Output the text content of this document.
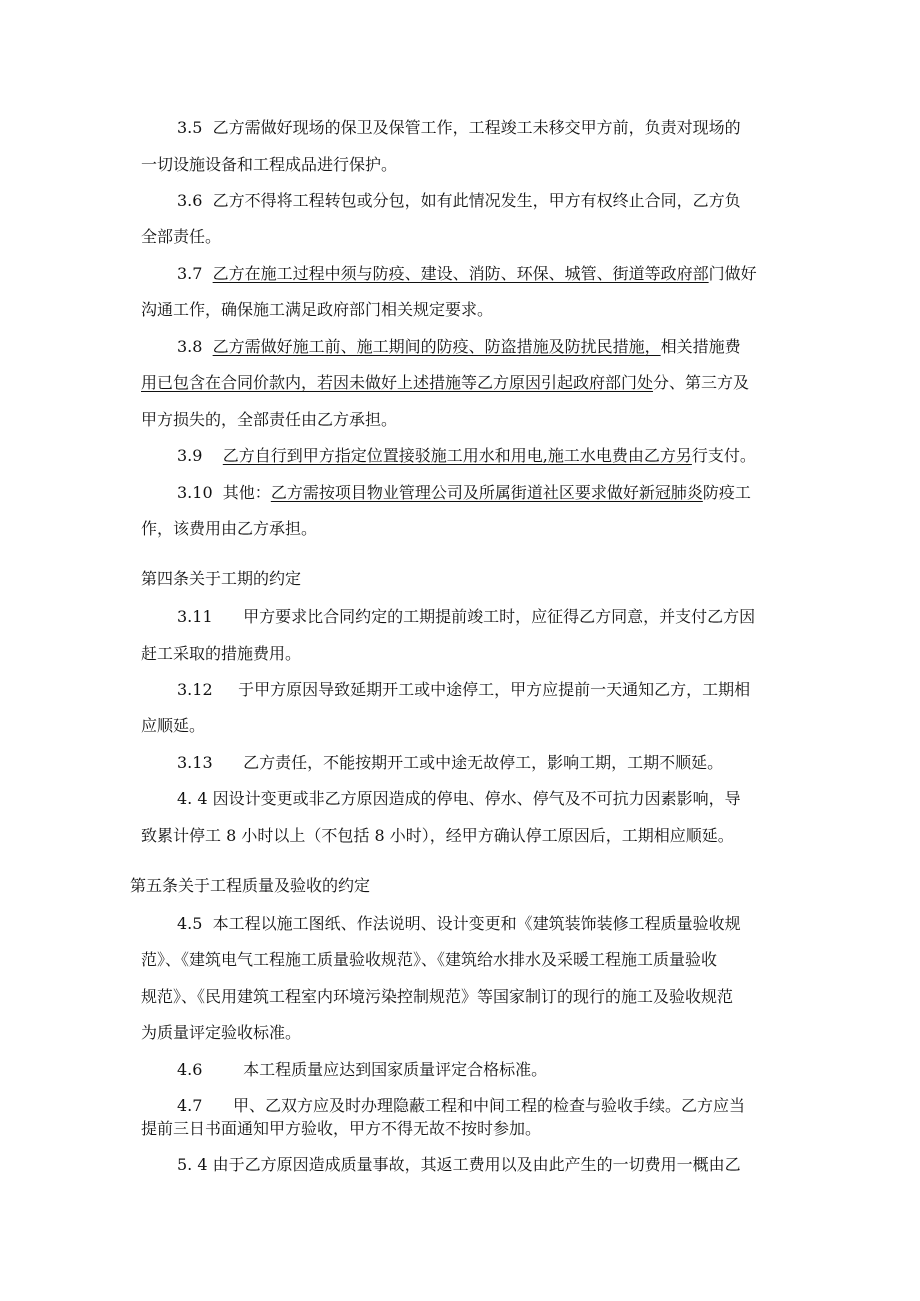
3.5 乙方需做好现场的保卫及保管工作，工程竣工未移交甲方前，负责对现场的

一切设施设备和工程成品进行保护。

3.6 乙方不得将工程转包或分包，如有此情况发生，甲方有权终止合同，乙方负

全部责任。

3.7 乙方在施工过程中须与防疫、建设、消防、环保、城管、街道等政府部门做好

沟通工作，确保施工满足政府部门相关规定要求。

3.8 乙方需做好施工前、施工期间的防疫、防盗措施及防扰民措施，相关措施费

用已包含在合同价款内，若因未做好上述措施等乙方原因引起政府部门处分、第三方及

甲方损失的，全部责任由乙方承担。

3.9 乙方自行到甲方指定位置接驳施工用水和用电,施工水电费由乙方另行支付。

3.10 其他：乙方需按项目物业管理公司及所属街道社区要求做好新冠肺炎防疫工

作，该费用由乙方承担。

第四条关于工期的约定

3.11 甲方要求比合同约定的工期提前竣工时，应征得乙方同意，并支付乙方因

赶工采取的措施费用。

3.12 于甲方原因导致延期开工或中途停工，甲方应提前一天通知乙方，工期相

应顺延。

3.13 乙方责任，不能按期开工或中途无故停工，影响工期，工期不顺延。

4. 4 因设计变更或非乙方原因造成的停电、停水、停气及不可抗力因素影响，导

致累计停工 8 小时以上（不包括 8 小时），经甲方确认停工原因后，工期相应顺延。

第五条关于工程质量及验收的约定

4.5 本工程以施工图纸、作法说明、设计变更和《建筑装饰装修工程质量验收规

范》、《建筑电气工程施工质量验收规范》、《建筑给水排水及采暖工程施工质量验收

规范》、《民用建筑工程室内环境污染控制规范》等国家制订的现行的施工及验收规范

为质量评定验收标准。

4.6	本工程质量应达到国家质量评定合格标准。

4.7 甲、乙双方应及时办理隐蔽工程和中间工程的检查与验收手续。乙方应当

提前三日书面通知甲方验收，甲方不得无故不按时参加。

5. 4 由于乙方原因造成质量事故，其返工费用以及由此产生的一切费用一概由乙
